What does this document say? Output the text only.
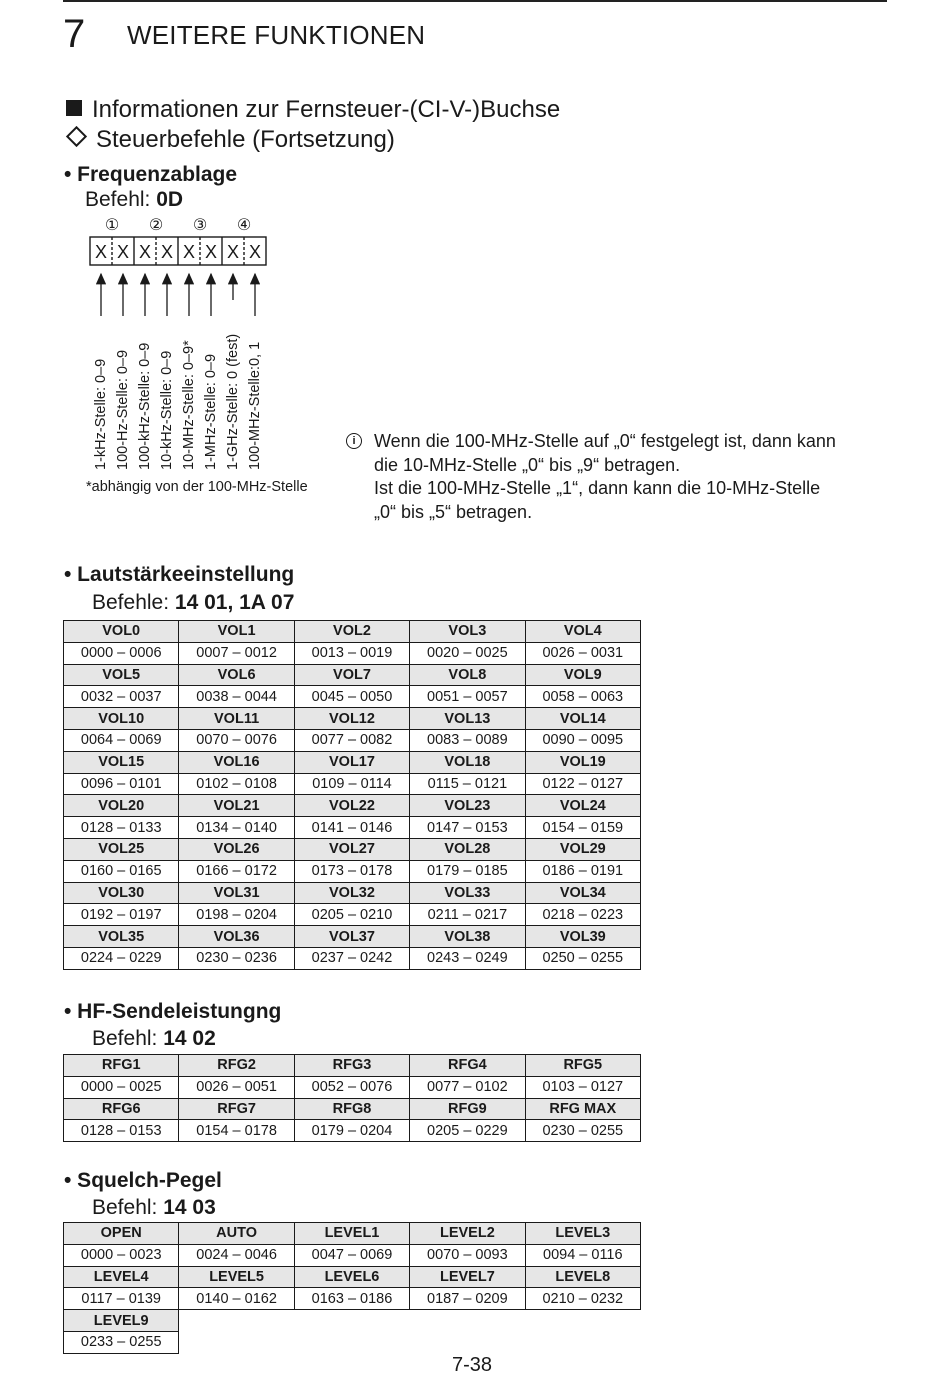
7 WEITERE FUNKTIONEN
Informationen zur Fernsteuer-(CI-V-)Buchse
Steuerbefehle (Fortsetzung)
• Frequenzablage
Befehl: 0D
① ② ③ ④
X X X X X X X X
1-kHz-Stelle: 0–9 100-Hz-Stelle: 0–9 100-kHz-Stelle: 0–9 10-kHz-Stelle: 0–9 10-MHz-Stelle: 0–9* 1-MHz-Stelle: 0–9 1-GHz-Stelle: 0 (fest) 100-MHz-Stelle:0, 1
*abhängig von der 100-MHz-Stelle
i	Wenn die 100-MHz-Stelle auf „0“ festgelegt ist, dann kann
die 10-MHz-Stelle „0“ bis „9“ betragen.
Ist die 100-MHz-Stelle „1“, dann kann die 10-MHz-Stelle
„0“ bis „5“ betragen.
• Lautstärkeeinstellung
Befehle: 14 01, 1A 07
VOL0	VOL1	VOL2	VOL3	VOL4
0000 – 0006	0007 – 0012	0013 – 0019	0020 – 0025	0026 – 0031
VOL5	VOL6	VOL7	VOL8	VOL9
0032 – 0037	0038 – 0044	0045 – 0050	0051 – 0057	0058 – 0063
VOL10	VOL11	VOL12	VOL13	VOL14
0064 – 0069	0070 – 0076	0077 – 0082	0083 – 0089	0090 – 0095
VOL15	VOL16	VOL17	VOL18	VOL19
0096 – 0101	0102 – 0108	0109 – 0114	0115 – 0121	0122 – 0127
VOL20	VOL21	VOL22	VOL23	VOL24
0128 – 0133	0134 – 0140	0141 – 0146	0147 – 0153	0154 – 0159
VOL25	VOL26	VOL27	VOL28	VOL29
0160 – 0165	0166 – 0172	0173 – 0178	0179 – 0185	0186 – 0191
VOL30	VOL31	VOL32	VOL33	VOL34
0192 – 0197	0198 – 0204	0205 – 0210	0211 – 0217	0218 – 0223
VOL35	VOL36	VOL37	VOL38	VOL39
0224 – 0229	0230 – 0236	0237 – 0242	0243 – 0249	0250 – 0255
• HF-Sendeleistungng
Befehl: 14 02
RFG1	RFG2	RFG3	RFG4	RFG5
0000 – 0025	0026 – 0051	0052 – 0076	0077 – 0102	0103 – 0127
RFG6	RFG7	RFG8	RFG9	RFG MAX
0128 – 0153	0154 – 0178	0179 – 0204	0205 – 0229	0230 – 0255
• Squelch-Pegel
Befehl: 14 03
OPEN	AUTO	LEVEL1	LEVEL2	LEVEL3
0000 – 0023	0024 – 0046	0047 – 0069	0070 – 0093	0094 – 0116
LEVEL4	LEVEL5	LEVEL6	LEVEL7	LEVEL8
0117 – 0139	0140 – 0162	0163 – 0186	0187 – 0209	0210 – 0232
LEVEL9				
0233 – 0255				
7-38
